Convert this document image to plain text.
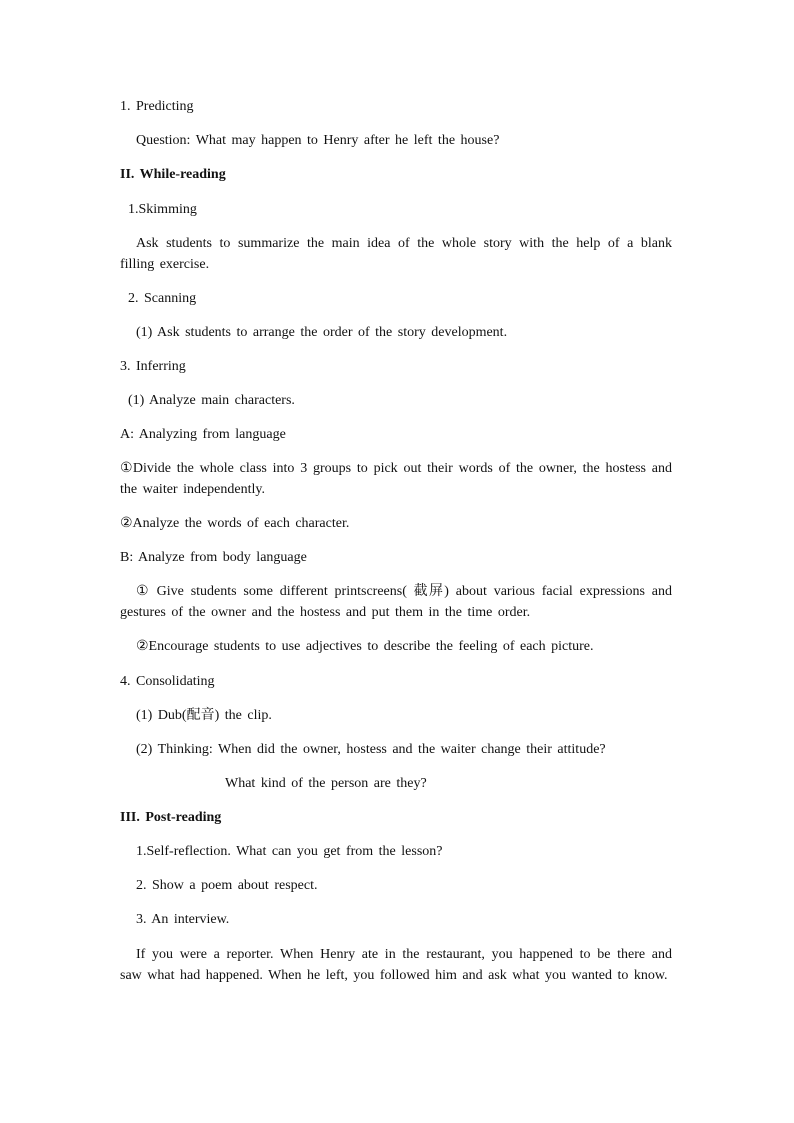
1. Predicting
Question: What may happen to Henry after he left the house?
II. While-reading
1.Skimming
Ask students to summarize the main idea of the whole story with the help of a blank filling exercise.
2. Scanning
(1) Ask students to arrange the order of the story development.
3. Inferring
(1) Analyze main characters.
A: Analyzing from language
①Divide the whole class into 3 groups to pick out their words of the owner, the hostess and the waiter independently.
②Analyze the words of each character.
B: Analyze from body language
① Give students some different printscreens( 截屏) about various facial expressions and gestures of the owner and the hostess and put them in the time order.
②Encourage students to use adjectives to describe the feeling of each picture.
4. Consolidating
(1) Dub(配音) the clip.
(2) Thinking: When did the owner, hostess and the waiter change their attitude?
What kind of the person are they?
III. Post-reading
1.Self-reflection. What can you get from the lesson?
2. Show a poem about respect.
3. An interview.
If you were a reporter. When Henry ate in the restaurant, you happened to be there and saw what had happened. When he left, you followed him and ask what you wanted to know.
